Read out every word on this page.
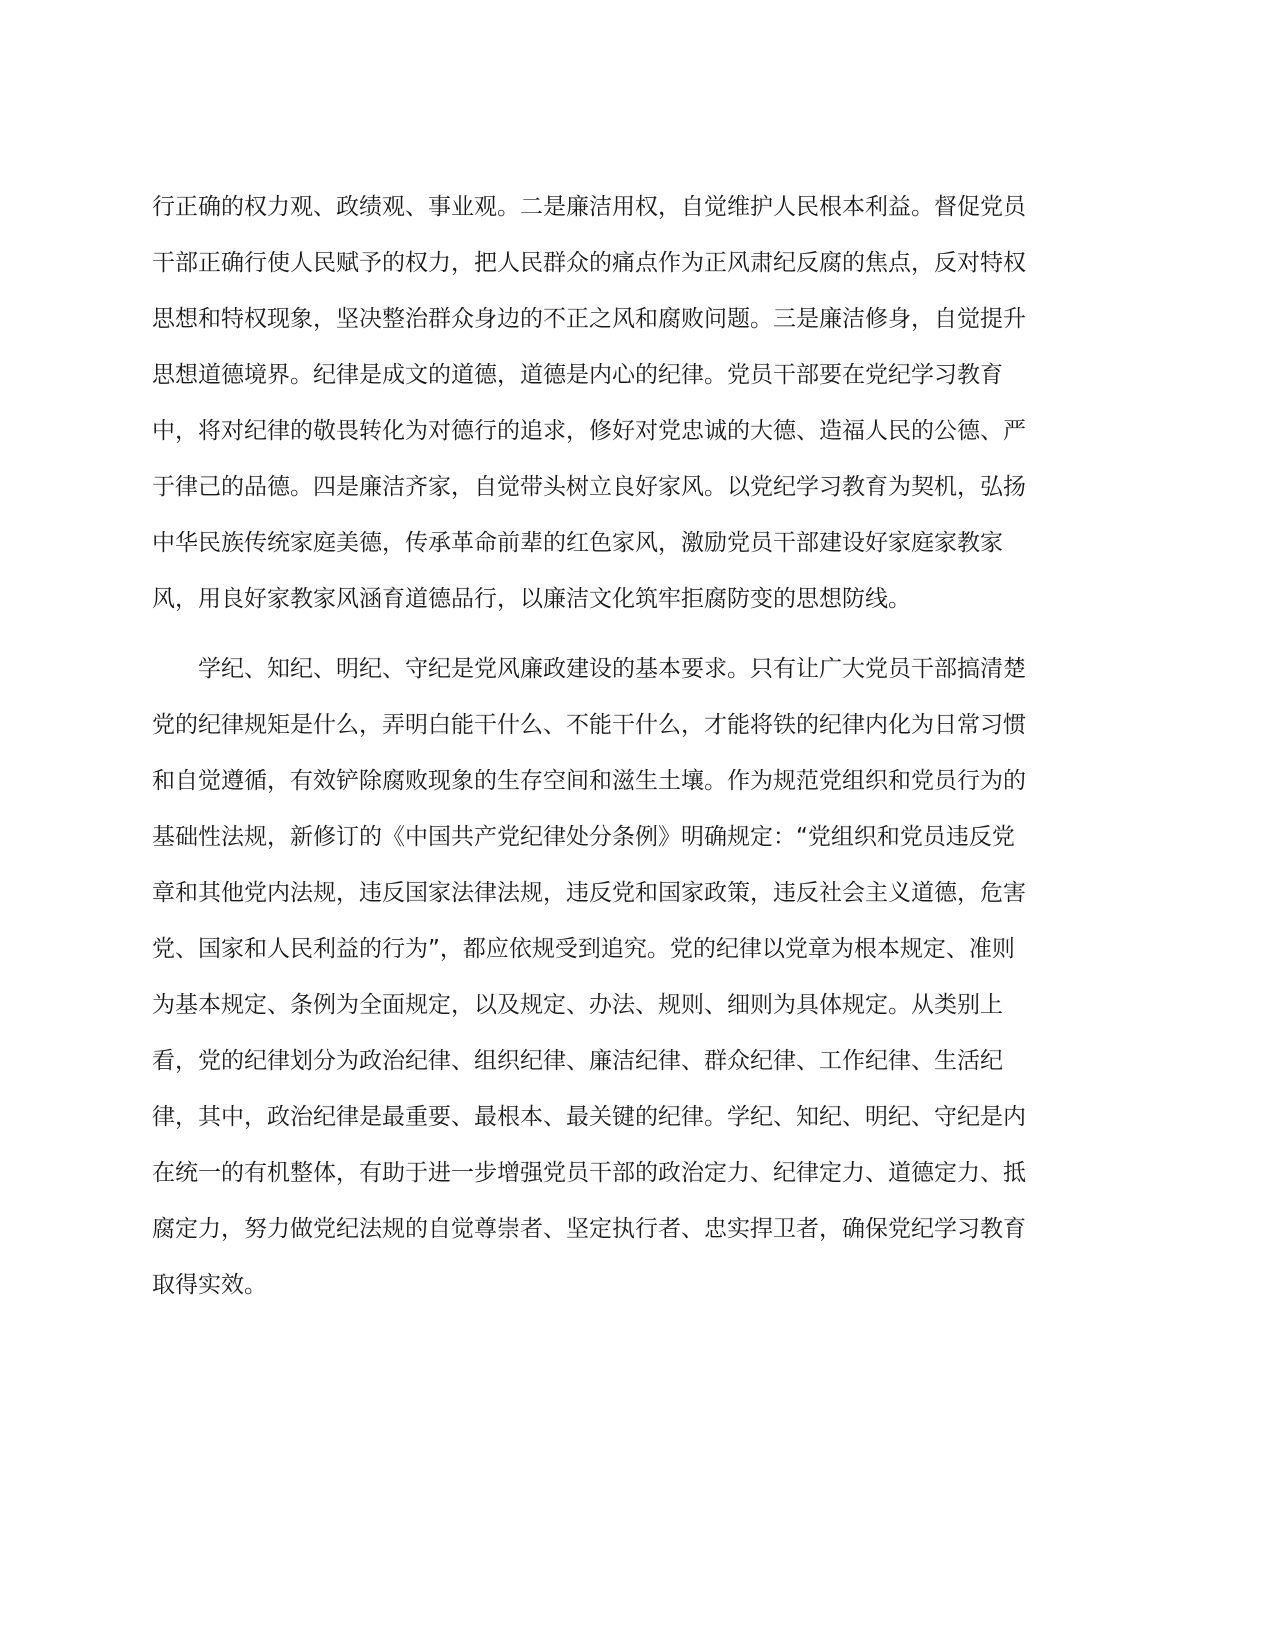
行正确的权力观、政绩观、事业观。二是廉洁用权，自觉维护人民根本利益。督促党员
干部正确行使人民赋予的权力，把人民群众的痛点作为正风肃纪反腐的焦点，反对特权
思想和特权现象，坚决整治群众身边的不正之风和腐败问题。三是廉洁修身，自觉提升
思想道德境界。纪律是成文的道德，道德是内心的纪律。党员干部要在党纪学习教育
中，将对纪律的敬畏转化为对德行的追求，修好对党忠诚的大德、造福人民的公德、严
于律己的品德。四是廉洁齐家，自觉带头树立良好家风。以党纪学习教育为契机，弘扬
中华民族传统家庭美德，传承革命前辈的红色家风，激励党员干部建设好家庭家教家
风，用良好家教家风涵育道德品行，以廉洁文化筑牢拒腐防变的思想防线。
学纪、知纪、明纪、守纪是党风廉政建设的基本要求。只有让广大党员干部搞清楚
党的纪律规矩是什么，弄明白能干什么、不能干什么，才能将铁的纪律内化为日常习惯
和自觉遵循，有效铲除腐败现象的生存空间和滋生土壤。作为规范党组织和党员行为的
基础性法规，新修订的《中国共产党纪律处分条例》明确规定：“党组织和党员违反党
章和其他党内法规，违反国家法律法规，违反党和国家政策，违反社会主义道德，危害
党、国家和人民利益的行为”，都应依规受到追究。党的纪律以党章为根本规定、准则
为基本规定、条例为全面规定，以及规定、办法、规则、细则为具体规定。从类别上
看，党的纪律划分为政治纪律、组织纪律、廉洁纪律、群众纪律、工作纪律、生活纪
律，其中，政治纪律是最重要、最根本、最关键的纪律。学纪、知纪、明纪、守纪是内
在统一的有机整体，有助于进一步增强党员干部的政治定力、纪律定力、道德定力、抵
腐定力，努力做党纪法规的自觉尊崇者、坚定执行者、忠实捍卫者，确保党纪学习教育
取得实效。
